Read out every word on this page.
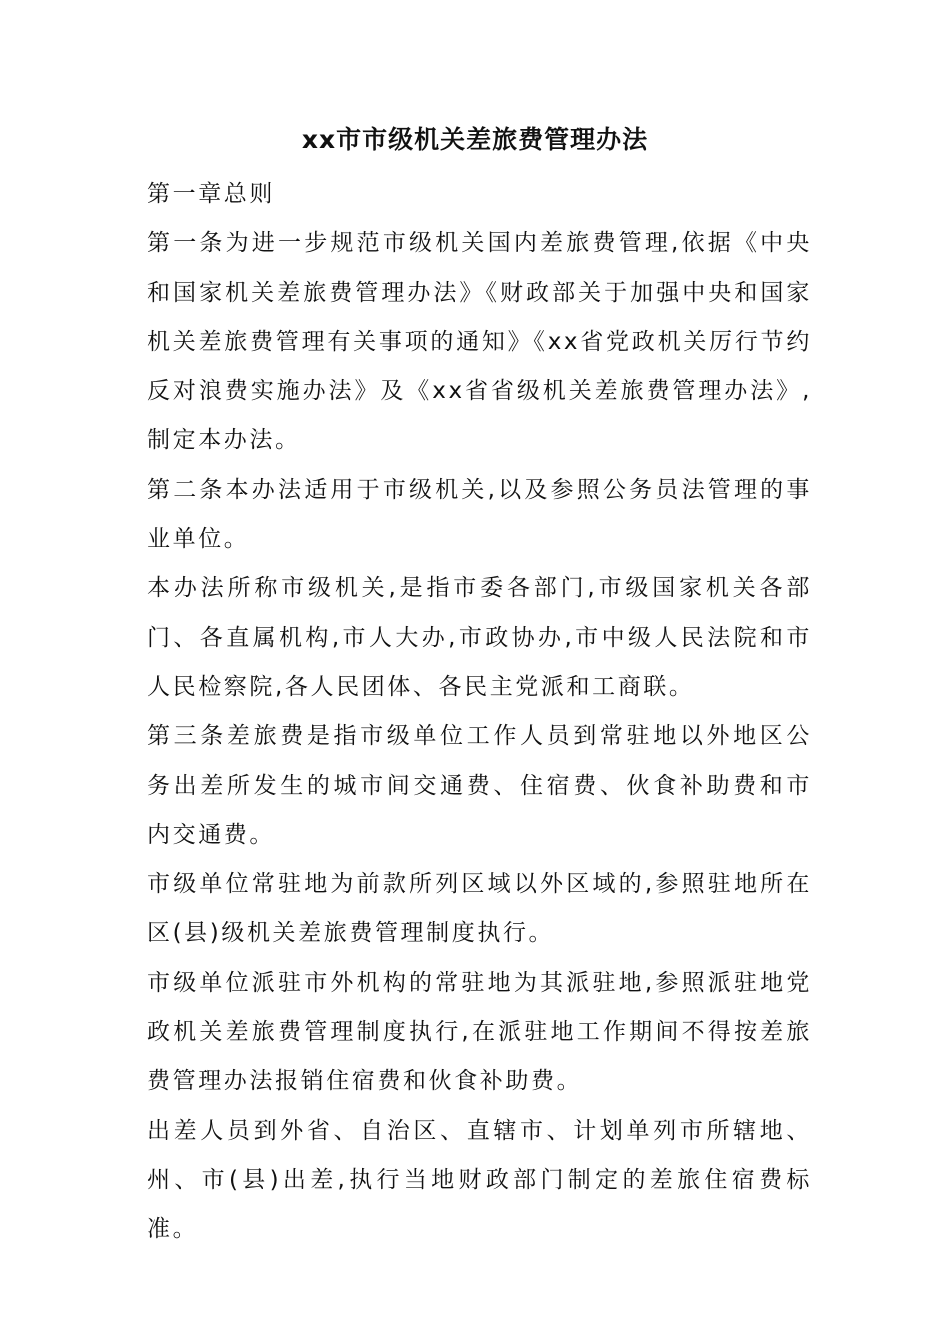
xx市市级机关差旅费管理办法

第一章总则

第一条为进一步规范市级机关国内差旅费管理,依据《中央和国家机关差旅费管理办法》《财政部关于加强中央和国家机关差旅费管理有关事项的通知》《xx省党政机关厉行节约反对浪费实施办法》及《xx省省级机关差旅费管理办法》,制定本办法。

第二条本办法适用于市级机关,以及参照公务员法管理的事业单位。

本办法所称市级机关,是指市委各部门,市级国家机关各部门、各直属机构,市人大办,市政协办,市中级人民法院和市人民检察院,各人民团体、各民主党派和工商联。

第三条差旅费是指市级单位工作人员到常驻地以外地区公务出差所发生的城市间交通费、住宿费、伙食补助费和市内交通费。

市级单位常驻地为前款所列区域以外区域的,参照驻地所在区(县)级机关差旅费管理制度执行。

市级单位派驻市外机构的常驻地为其派驻地,参照派驻地党政机关差旅费管理制度执行,在派驻地工作期间不得按差旅费管理办法报销住宿费和伙食补助费。

出差人员到外省、自治区、直辖市、计划单列市所辖地、州、市(县)出差,执行当地财政部门制定的差旅住宿费标准。
